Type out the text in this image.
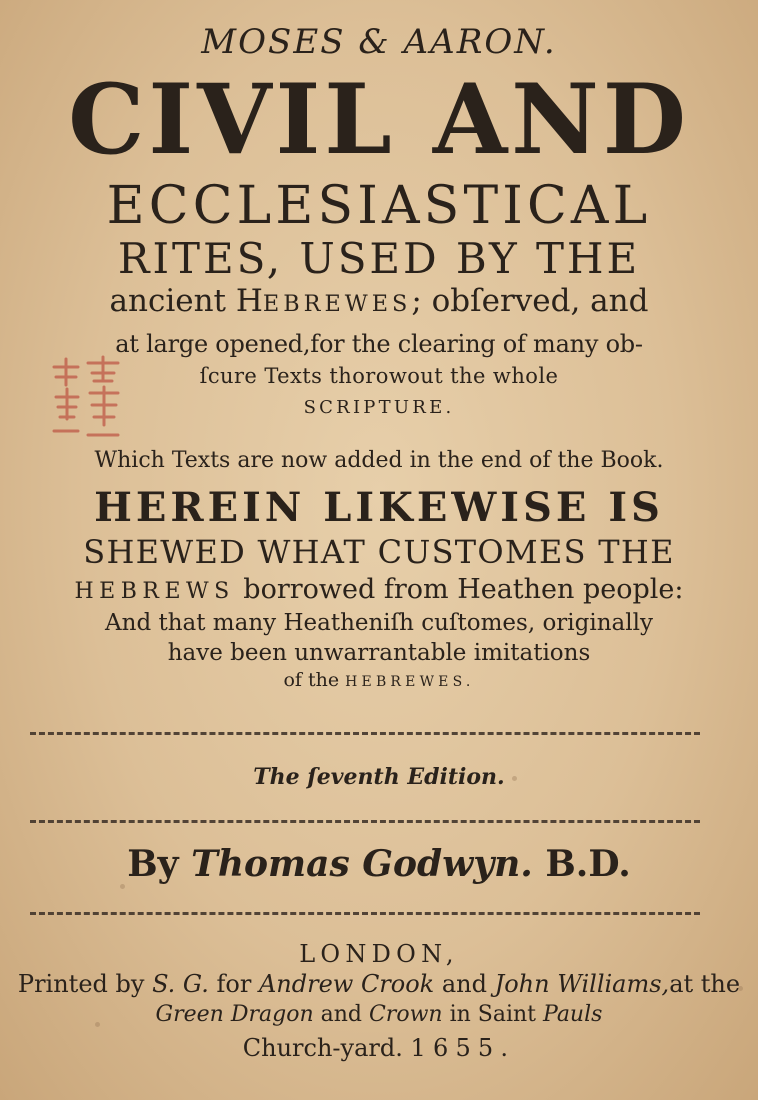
MOSES & AARON.
CIVIL AND
ECCLESIASTICAL
RITES, USED BY THE
ancient HEBREWES; obſerved, and
at large opened,for the clearing of many ob-
ſcure Texts thorowout the whole
SCRIPTURE.
Which Texts are now added in the end of the Book.
HEREIN LIKEWISE IS
SHEWED WHAT CUSTOMES THE
HEBREWS borrowed from Heathen people:
And that many Heatheniſh cuſtomes, originally
have been unwarrantable imitations
of the HEBREWES.
The ſeventh Edition.
By Thomas Godwyn. B.D.
LONDON,
Printed by S. G. for Andrew Crook and John Williams,at the
Green Dragon and Crown in Saint Pauls
Church-yard. 1655.
